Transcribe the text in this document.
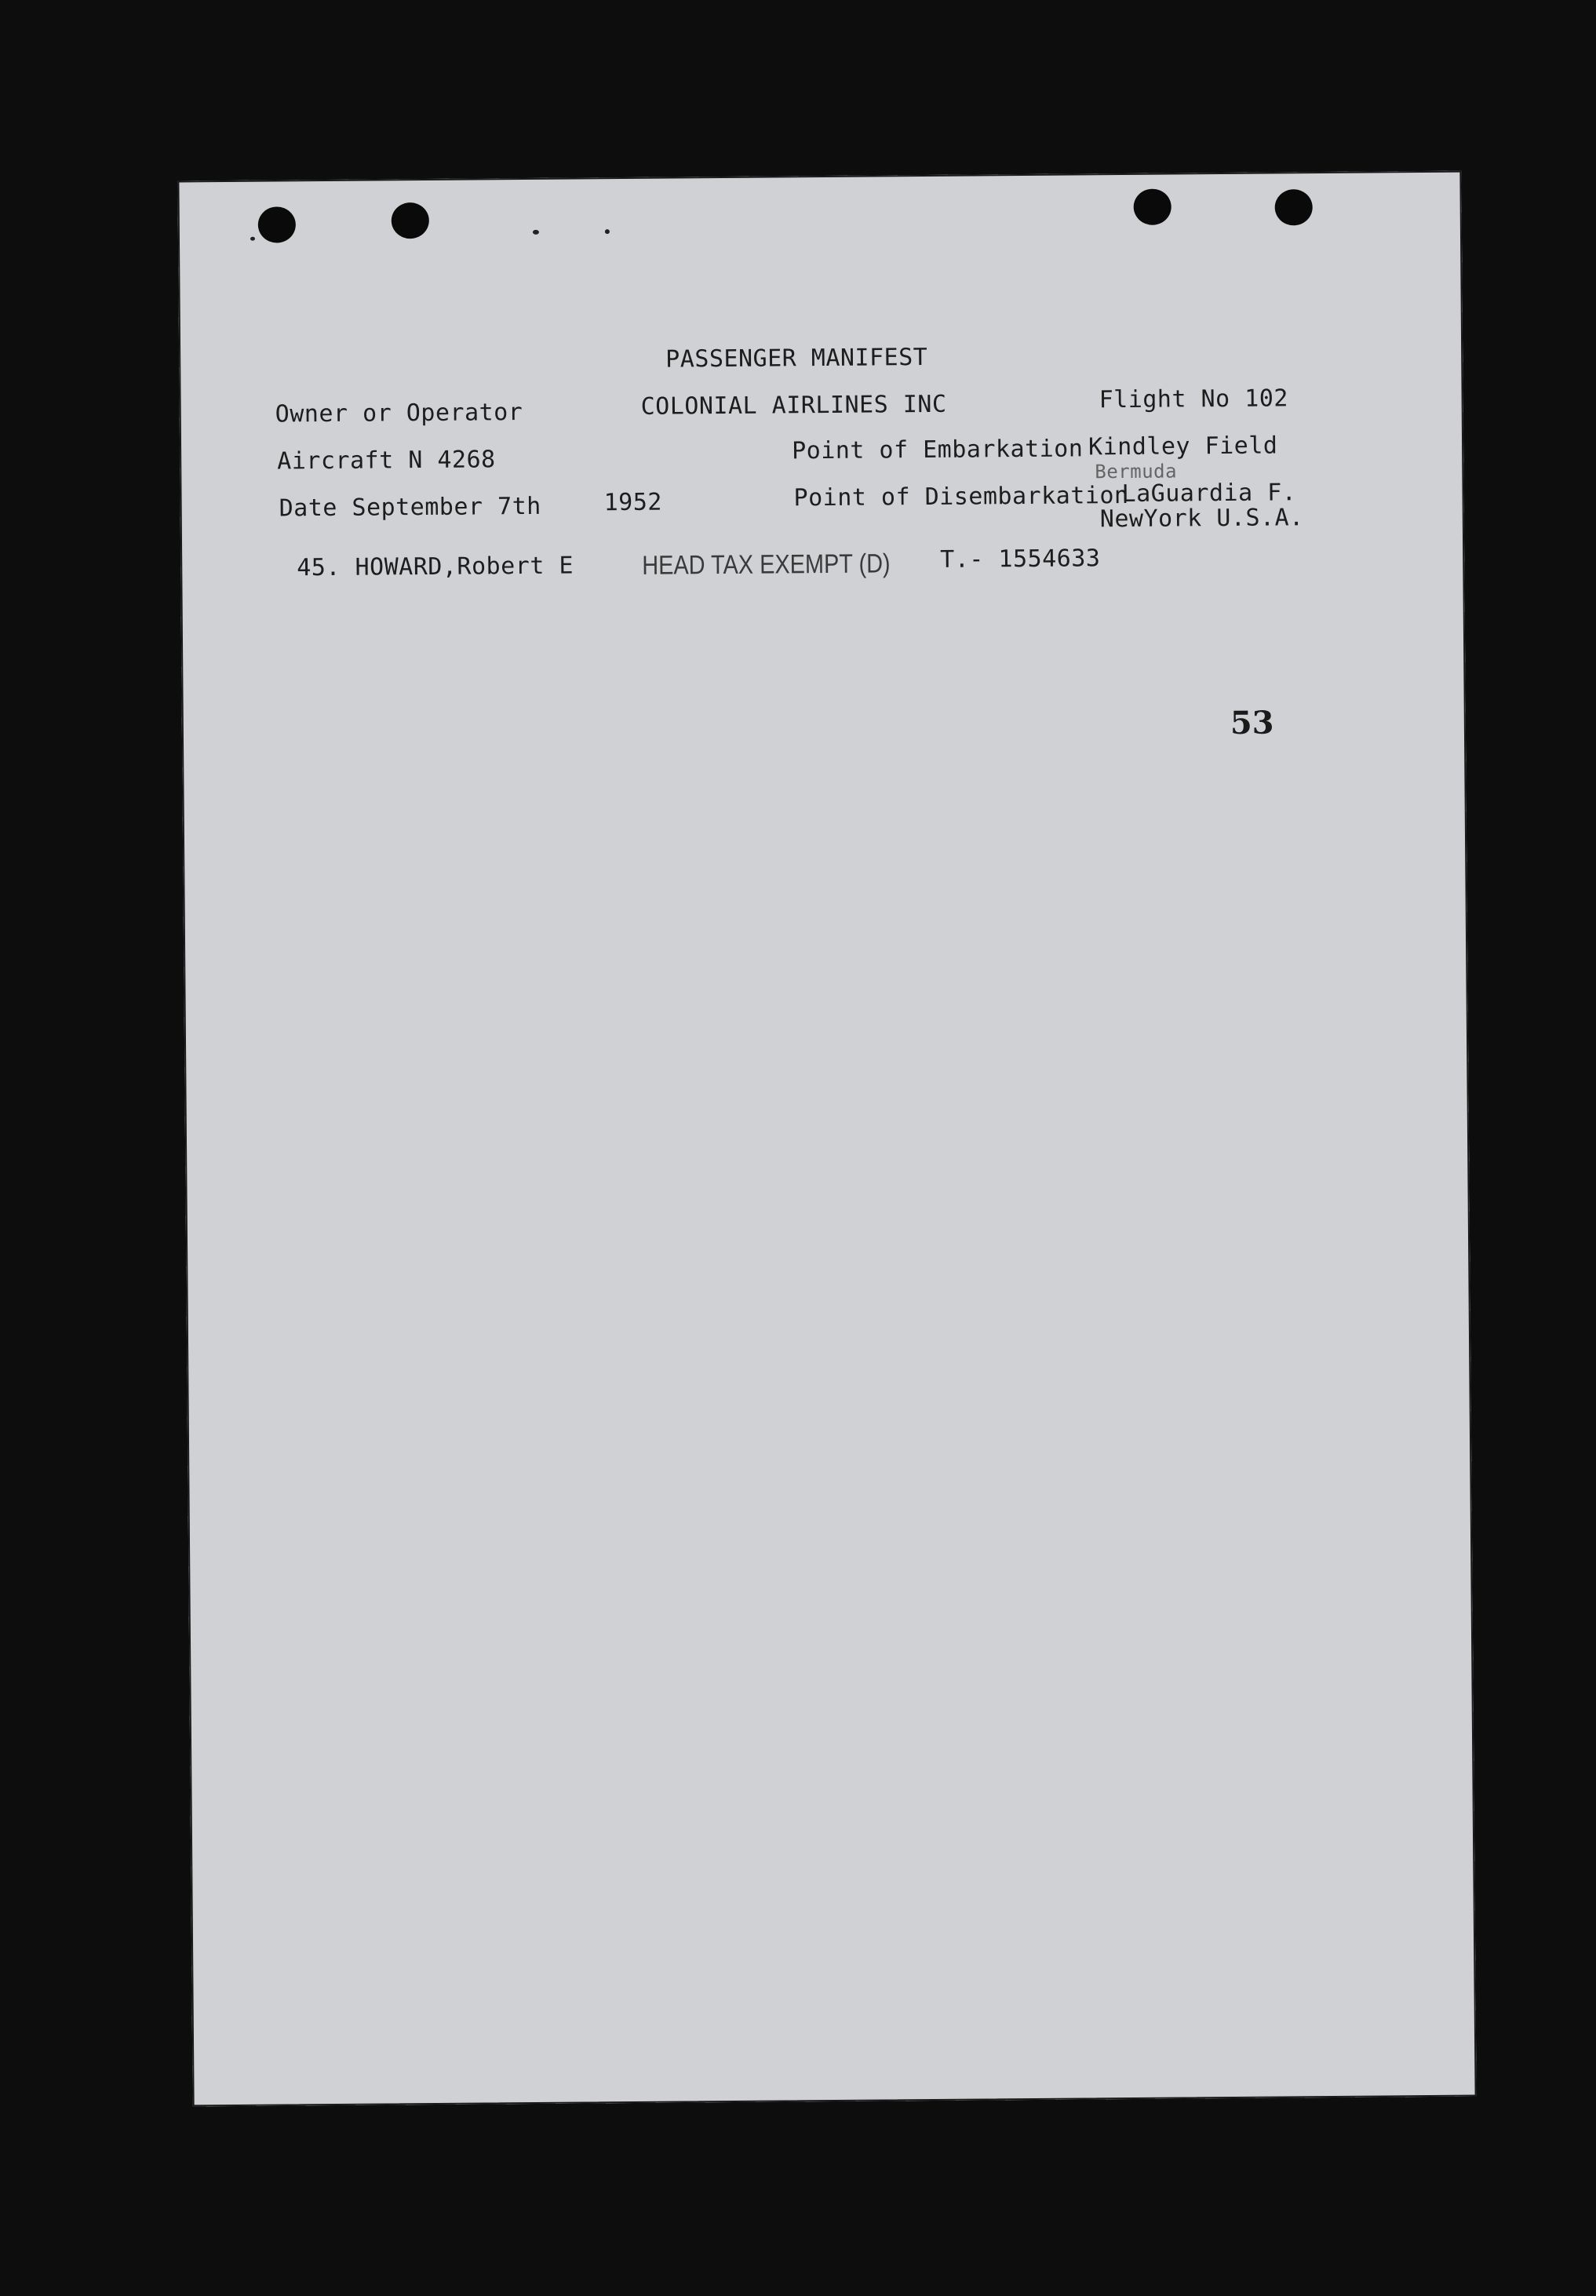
PASSENGER MANIFEST
Owner or Operator	COLONIAL AIRLINES INC	Flight No 102
Aircraft N 4268	Point of Embarkation Kindley Field
Bermuda
Date September 7th	1952	Point of Disembarkation
LaGuardia F.
NewYork U.S.A.
45. HOWARD,Robert E	HEAD TAX EXEMPT (D) T.- 1554633
53
